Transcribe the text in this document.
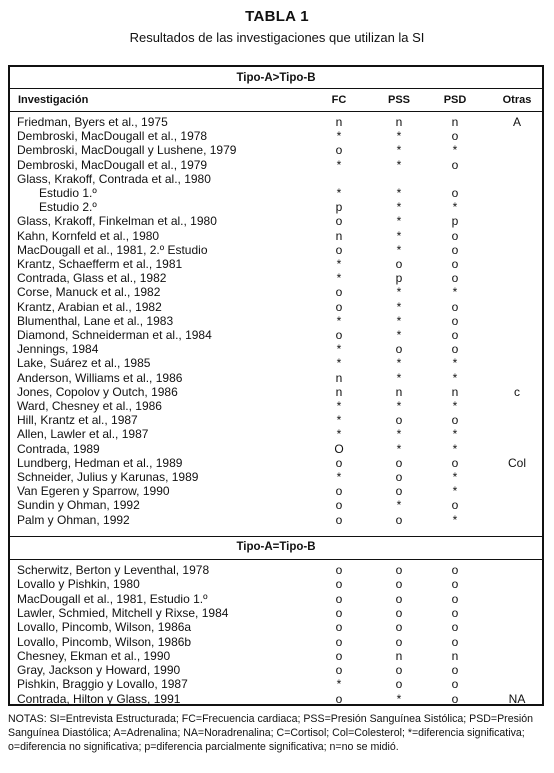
TABLA 1
Resultados de las investigaciones que utilizan la SI
Tipo-A>Tipo-B
Investigación	FC	PSS	PSD	Otras
Friedman, Byers et al., 1975	n	n	n	A
Dembroski, MacDougall et al., 1978	*	*	o
Dembroski, MacDougall y Lushene, 1979	o	*	*
Dembroski, MacDougall et al., 1979	*	*	o
Glass, Krakoff, Contrada et al., 1980
Estudio 1.º	*	*	o
Estudio 2.º	p	*	*
Glass, Krakoff, Finkelman et al., 1980	o	*	p
Kahn, Kornfeld et al., 1980	n	*	o
MacDougall et al., 1981, 2.º Estudio	o	*	o
Krantz, Schaefferm et al., 1981	*	o	o
Contrada, Glass et al., 1982	*	p	o
Corse, Manuck et al., 1982	o	*	*
Krantz, Arabian et al., 1982	o	*	o
Blumenthal, Lane et al., 1983	*	*	o
Diamond, Schneiderman et al., 1984	o	*	o
Jennings, 1984	*	o	o
Lake, Suárez et al., 1985	*	*	*
Anderson, Williams et al., 1986	n	*	*
Jones, Copolov y Outch, 1986	n	n	n	c
Ward, Chesney et al., 1986	*	*	*
Hill, Krantz et al., 1987	*	o	o
Allen, Lawler et al., 1987	*	*	*
Contrada, 1989	O	*	*
Lundberg, Hedman et al., 1989	o	o	o	Col
Schneider, Julius y Karunas, 1989	*	o	*
Van Egeren y Sparrow, 1990	o	o	*
Sundin y Ohman, 1992	o	*	o
Palm y Ohman, 1992	o	o	*
Tipo-A=Tipo-B
Scherwitz, Berton y Leventhal, 1978	o	o	o
Lovallo y Pishkin, 1980	o	o	o
MacDougall et al., 1981, Estudio 1.º	o	o	o
Lawler, Schmied, Mitchell y Rixse, 1984	o	o	o
Lovallo, Pincomb, Wilson, 1986a	o	o	o
Lovallo, Pincomb, Wilson, 1986b	o	o	o
Chesney, Ekman et al., 1990	o	n	n
Gray, Jackson y Howard, 1990	o	o	o
Pishkin, Braggio y Lovallo, 1987	*	o	o
Contrada, Hilton y Glass, 1991	o	*	o	NA
NOTAS: SI=Entrevista Estructurada; FC=Frecuencia cardiaca; PSS=Presión Sanguínea Sistólica; PSD=Presión Sanguínea Diastólica; A=Adrenalina; NA=Noradrenalina; C=Cortisol; Col=Colesterol; *=diferencia significativa; o=diferencia no significativa; p=diferencia parcialmente significativa; n=no se midió.
